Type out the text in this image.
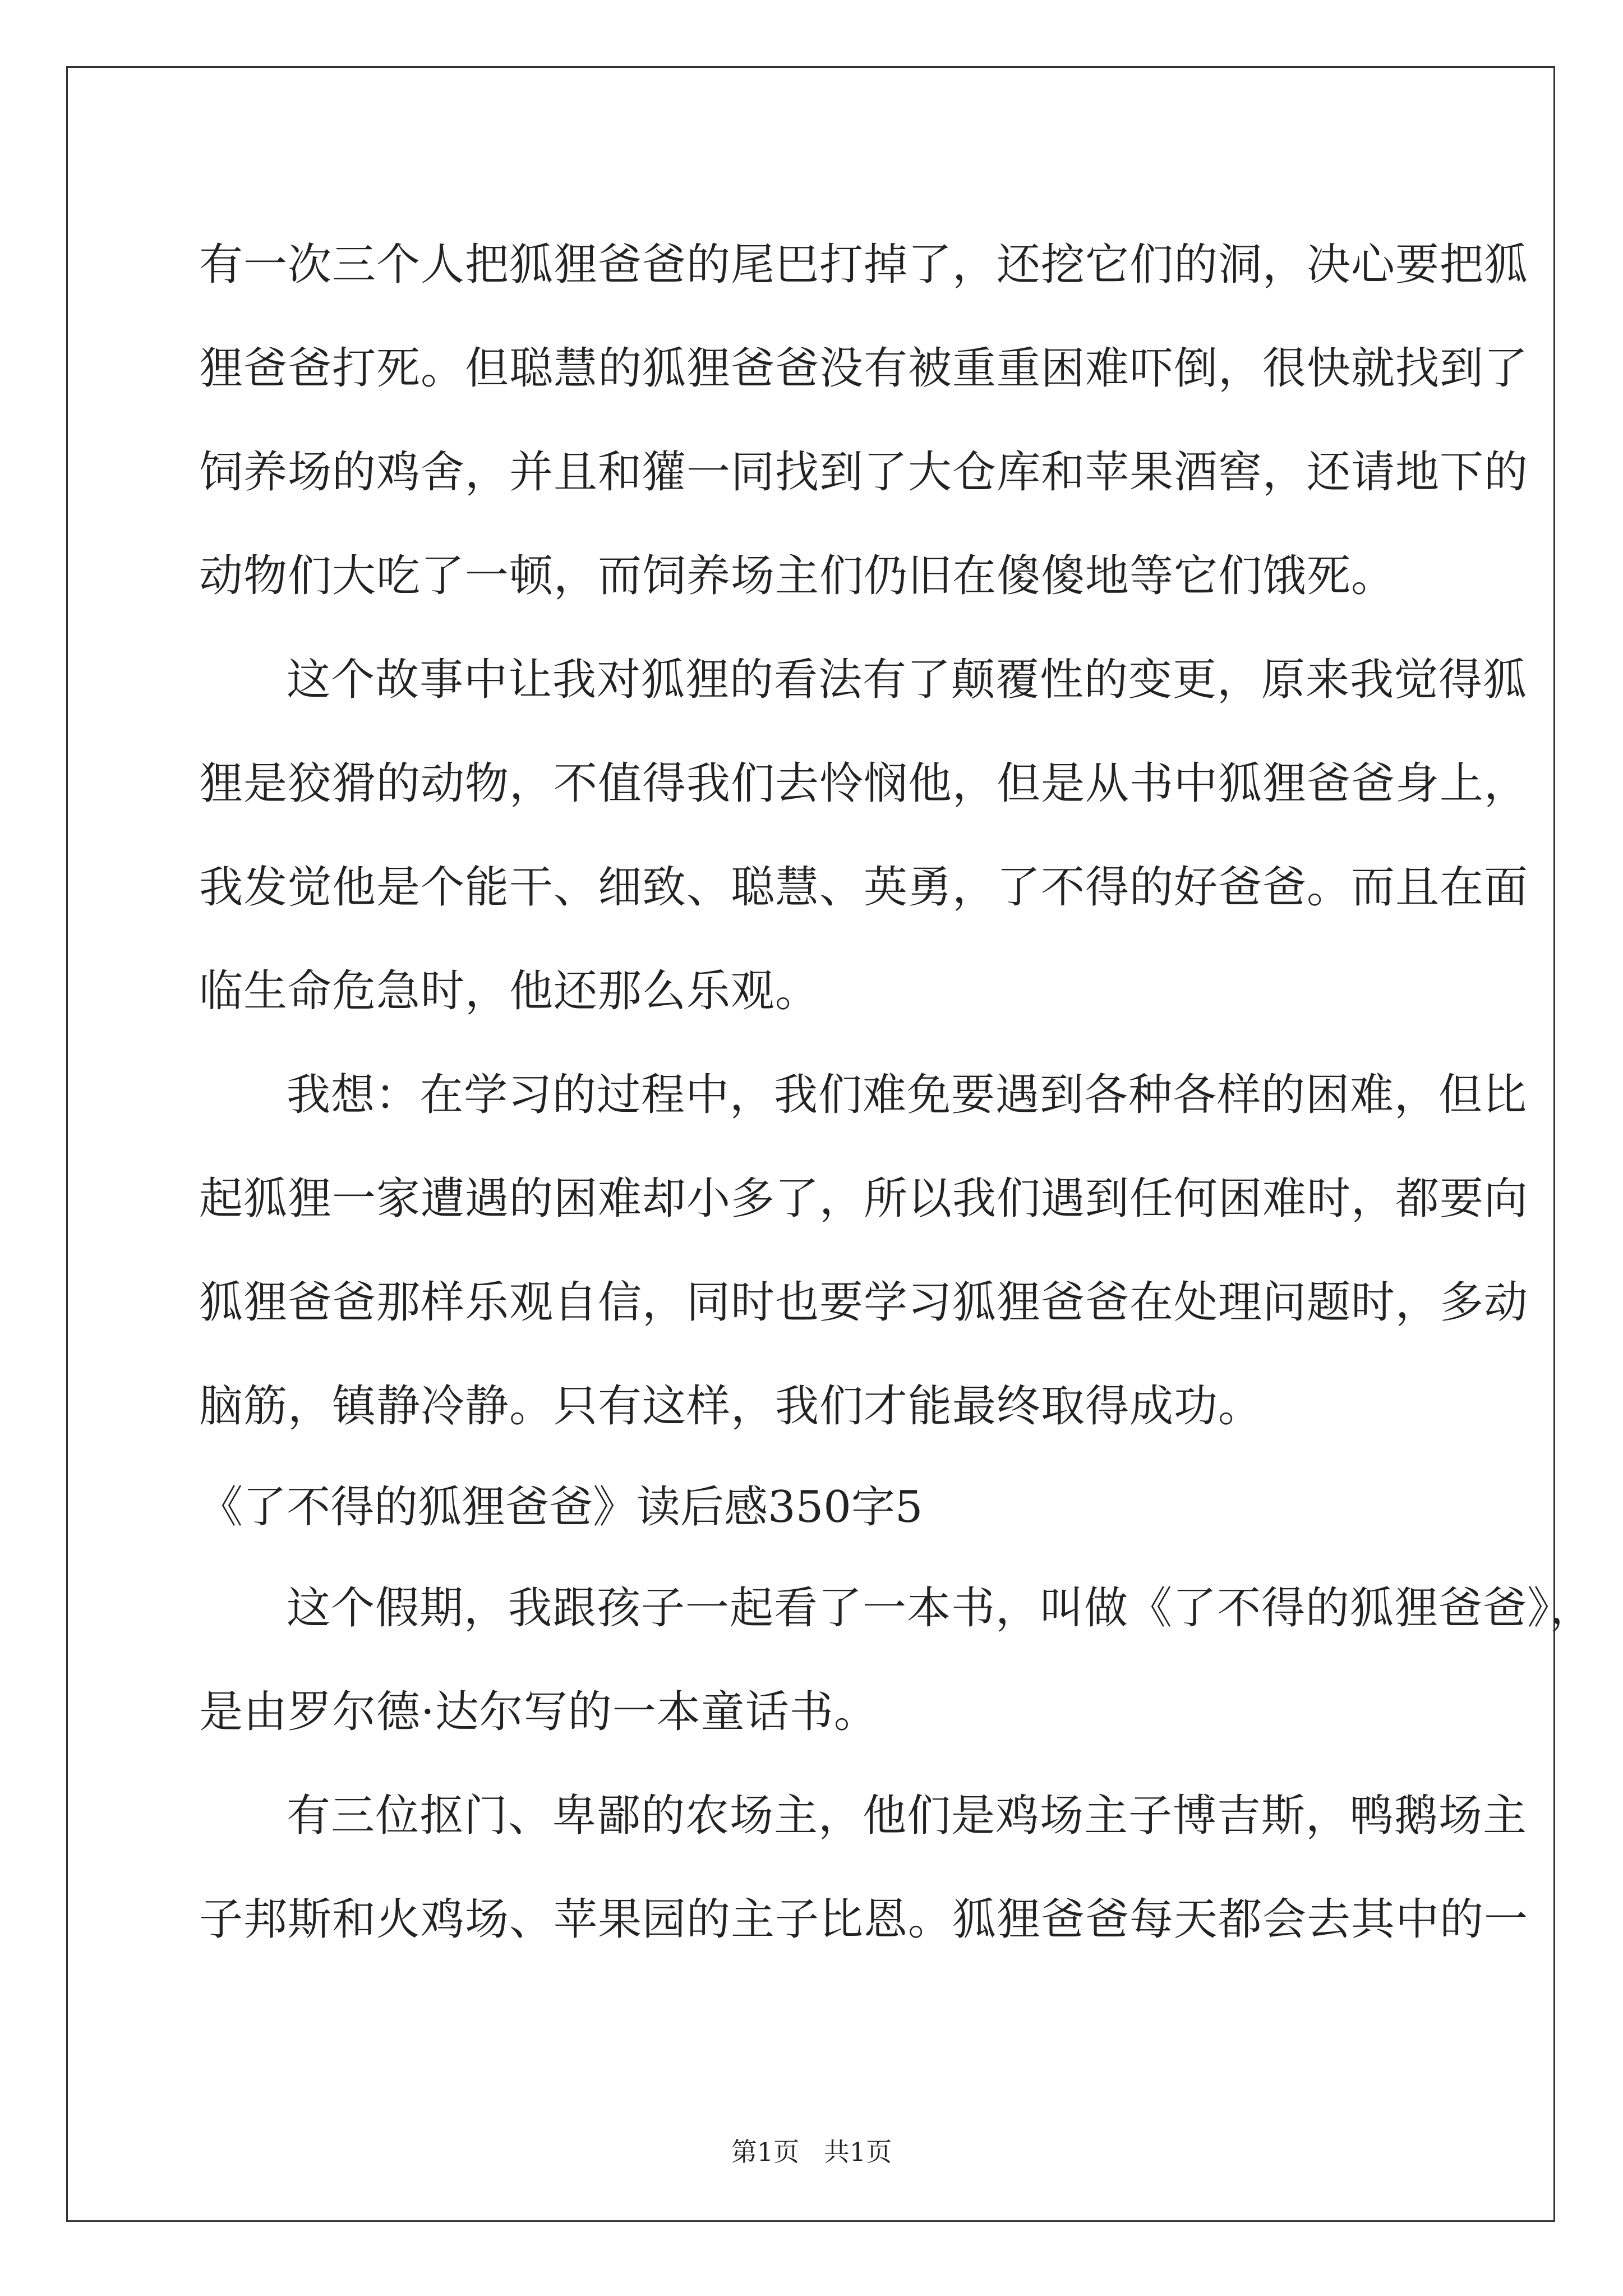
有一次三个人把狐狸爸爸的尾巴打掉了，还挖它们的洞，决心要把狐
狸爸爸打死。但聪慧的狐狸爸爸没有被重重困难吓倒，很快就找到了
饲养场的鸡舍，并且和獾一同找到了大仓库和苹果酒窖，还请地下的
动物们大吃了一顿，而饲养场主们仍旧在傻傻地等它们饿死。
这个故事中让我对狐狸的看法有了颠覆性的变更，原来我觉得狐
狸是狡猾的动物，不值得我们去怜悯他，但是从书中狐狸爸爸身上，
我发觉他是个能干、细致、聪慧、英勇，了不得的好爸爸。而且在面
临生命危急时，他还那么乐观。
我想：在学习的过程中，我们难免要遇到各种各样的困难，但比
起狐狸一家遭遇的困难却小多了，所以我们遇到任何困难时，都要向
狐狸爸爸那样乐观自信，同时也要学习狐狸爸爸在处理问题时，多动
脑筋，镇静冷静。只有这样，我们才能最终取得成功。
《了不得的狐狸爸爸》读后感350字5
这个假期，我跟孩子一起看了一本书，叫做《了不得的狐狸爸爸》，
是由罗尔德·达尔写的一本童话书。
有三位抠门、卑鄙的农场主，他们是鸡场主子博吉斯，鸭鹅场主
子邦斯和火鸡场、苹果园的主子比恩。狐狸爸爸每天都会去其中的一
第1页   共1页
